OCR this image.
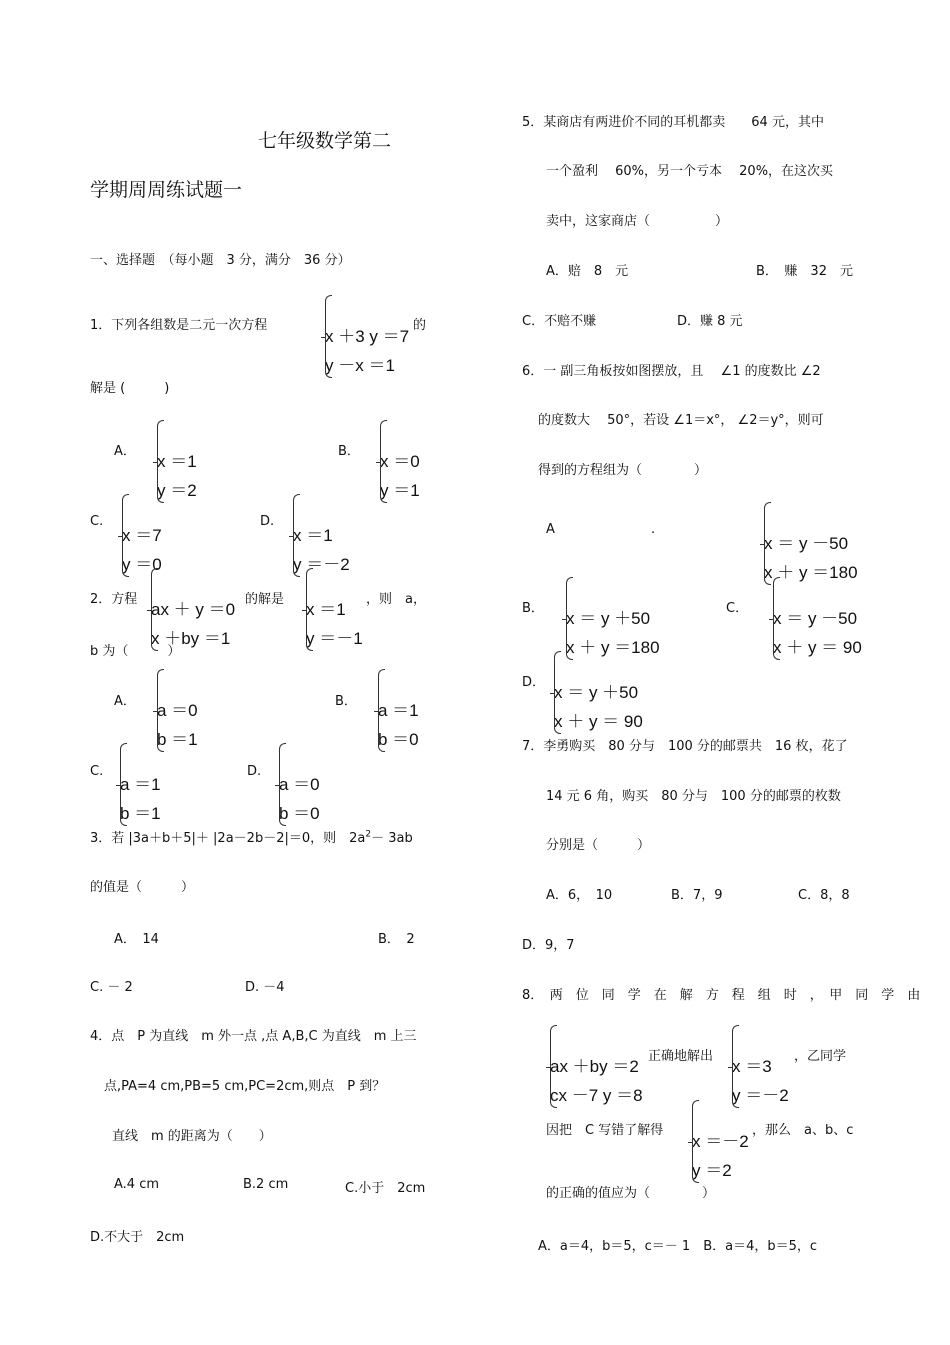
七年级数学第二
学期周周练试题一
一、选择题　（每小题　3 分，满分　36 分）
1．下列各组数是二元一次方程
x ＋3 y ＝7
y －x ＝1
的
解是 (　　　)
A．
x ＝1
y ＝2
B．
x ＝0
y ＝1
C.
x ＝7
y ＝0
D.
x ＝1
y ＝－2
2．方程
ax ＋ y ＝0
x ＋by ＝1
的解是
x ＝1
y ＝－1
，则　a，
b 为（　　　）
A． a ＝0
b ＝1
B． a ＝1
b ＝0
C.
a ＝1
b ＝1
D.
a ＝0
b ＝0
3．若 |3a＋b＋5|＋ |2a－2b－2|＝0，则　$2a^2- 3ab$
的值是（　　　）
A．　14	B．　2
C. － 2	D. －4
4．点　P 为直线　m 外一点 ,点 A,B,C 为直线　m 上三
点,PA=4 cm,PB=5 cm,PC=2cm,则点　P 到？
直线　m 的距离为（　　）
A.4 cm	B.2 cm	C.小于　2cm
D.不大于　2cm
5．某商店有两进价不同的耳机都卖　　64 元，其中
一个盈利　 60%，另一个亏本　 20%，在这次买
卖中，这家商店（　　　　　）
A．赔　8　元	B．　赚　32　元
C．不赔不赚	D．赚 8 元
6．一 副三角板按如图摆放，且　 ∠1 的度数比 ∠2
的度数大　 50°，若设 ∠1＝x°， ∠2＝y°，则可
得到的方程组为（　　　　）
A	.
x ＝ y －50
x ＋ y ＝180
B．
x ＝ y ＋50
x ＋ y ＝180
C．
x ＝ y －50
x ＋ y ＝ 90
D．
x ＝ y ＋50
x ＋ y ＝ 90
7．李勇购买　80 分与　100 分的邮票共　16 枚，花了
14 元 6 角，购买　80 分与　100 分的邮票的枚数
分别是（　　　）
A．6，　10	B．7，9	C．8，8
D．9，7
8．　两　位　同　学　在　解　方　程　组　时　，　甲　同　学　由
ax ＋by ＝2
cx －7 y ＝8
正确地解出
x ＝3
y ＝－2
，乙同学
因把　C 写错了解得
x ＝－2
y ＝2
，那么　a、b、c
的正确的值应为（　　　　）
A．a＝4，b＝5，c＝－ 1　B．a＝4，b＝5，c
